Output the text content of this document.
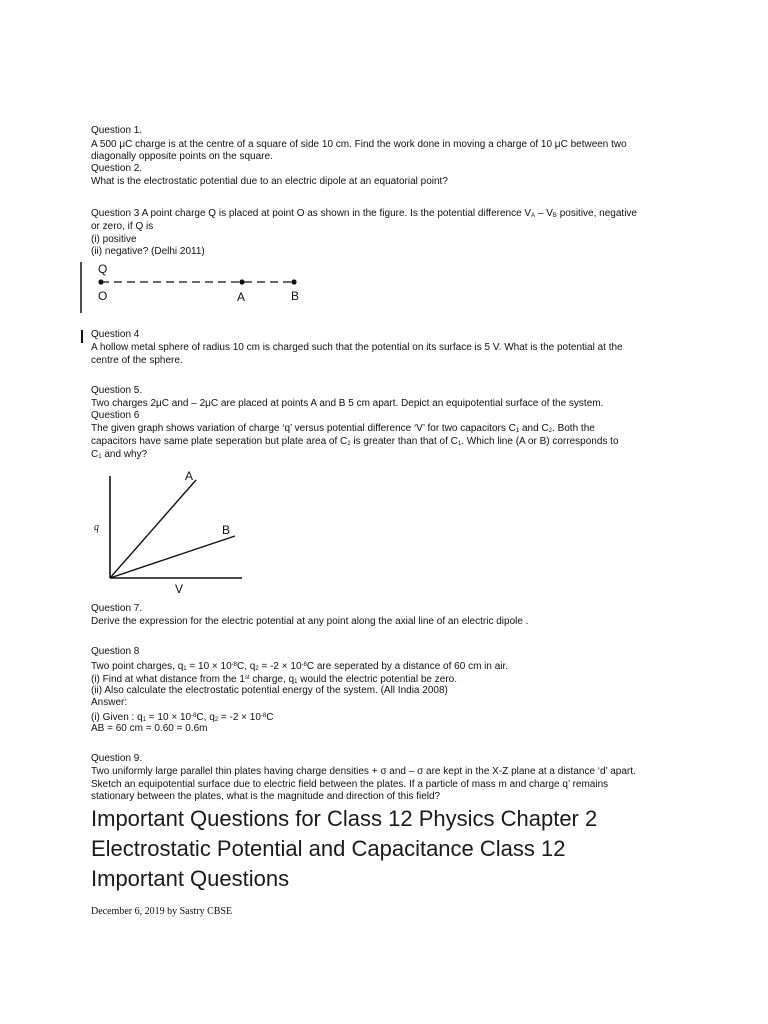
Question 1.
A 500 μC charge is at the centre of a square of side 10 cm. Find the work done in moving a charge of 10 μC between two
diagonally opposite points on the square.
Question 2.
What is the electrostatic potential due to an electric dipole at an equatorial point?
Question 3 A point charge Q is placed at point O as shown in the figure. Is the potential difference VA – VB positive, negative
or zero, if Q is
(i) positive
(ii) negative? (Delhi 2011)
Q
O	A	B
Question 4
A hollow metal sphere of radius 10 cm is charged such that the potential on its surface is 5 V. What is the potential at the
centre of the sphere.
Question 5.
Two charges 2μC and – 2μC are placed at points A and B 5 cm apart. Depict an equipotential surface of the system.
Question 6
The given graph shows variation of charge ‘q’ versus potential difference ‘V’ for two capacitors C1 and C2. Both the
capacitors have same plate seperation but plate area of C2 is greater than that of C1. Which line (A or B) corresponds to
C1 and why?
A
B
q
V
Question 7.
Derive the expression for the electric potential at any point along the axial line of an electric dipole .
Question 8
Two point charges, $q1 = 10 \times 10^{-8}C$, $q2 = -2 \times 10^{-8}C$ are seperated by a distance of 60 cm in air.
(i) Find at what distance from the 1st charge, q1 would the electric potential be zero.
(ii) Also calculate the electrostatic potential energy of the system. (All India 2008)
Answer:
(i) Given : $q1 = 10 \times 10^{-8}C$, $q2 = -2 \times 10^{-8}C$
AB = 60 cm = 0.60 = 0.6m
Question 9.
Two uniformly large parallel thin plates having charge densities + σ and – σ are kept in the X-Z plane at a distance ‘d’ apart.
Sketch an equipotential surface due to electric field between the plates. If a particle of mass m and charge q’ remains
stationary between the plates, what is the magnitude and direction of this field?
Important Questions for Class 12 Physics Chapter 2
Electrostatic Potential and Capacitance Class 12
Important Questions
December 6, 2019 by Sastry CBSE
